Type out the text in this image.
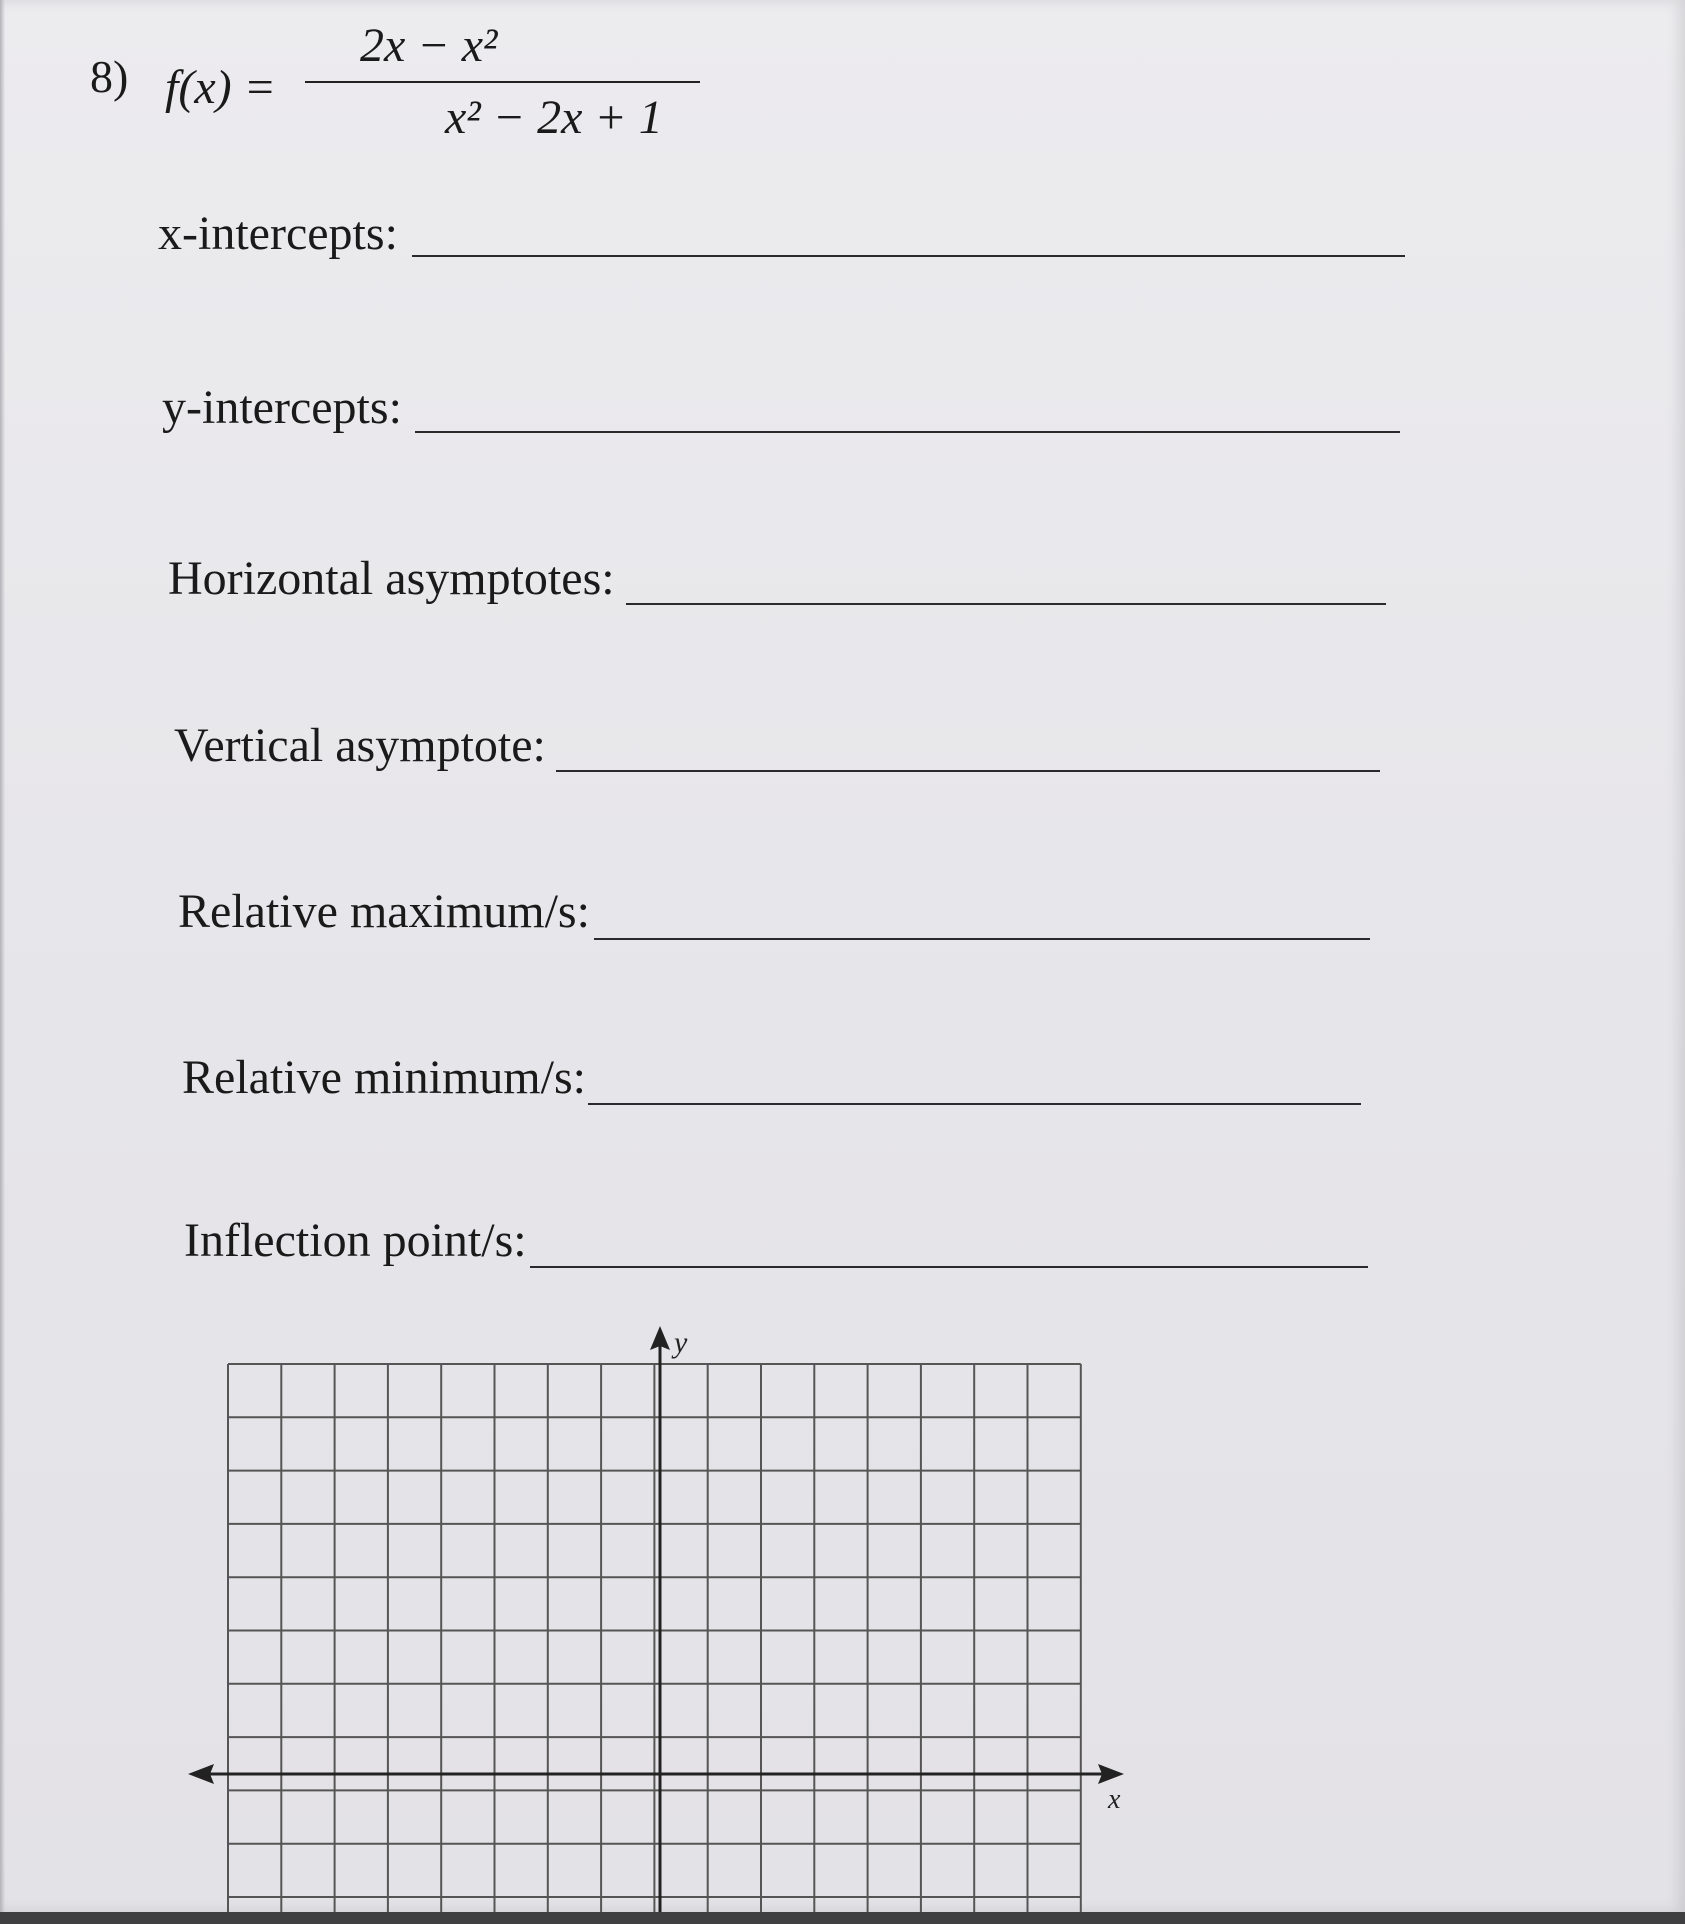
8) f(x) =
2x − x²
x² − 2x + 1
x-intercepts:
y-intercepts:
Horizontal asymptotes:
Vertical asymptote:
Relative maximum/s:
Relative minimum/s:
Inflection point/s:
y
x
